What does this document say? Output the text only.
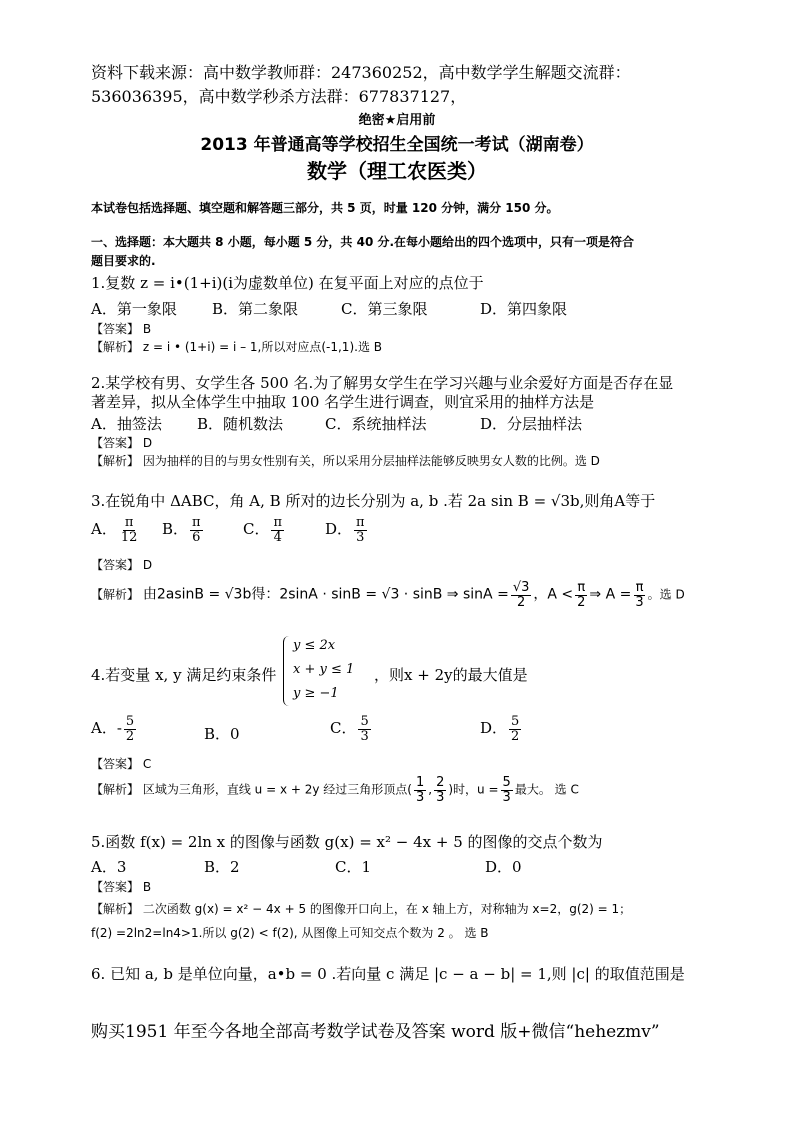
资料下载来源：高中数学教师群：247360252，高中数学学生解题交流群：
536036395，高中数学秒杀方法群：677837127，
绝密★启用前
2013 年普通高等学校招生全国统一考试（湖南卷）
数学（理工农医类）
本试卷包括选择题、填空题和解答题三部分，共 5 页，时量 120 分钟，满分 150 分。
一、选择题：本大题共 8 小题，每小题 5 分，共 40 分.在每小题给出的四个选项中，只有一项是符合
题目要求的.
1.复数 z = i•(1+i)(i为虚数单位) 在复平面上对应的点位于
A．第一象限 B．第二象限	C．第三象限	D．第四象限
【答案】 B
【解析】 z = i • (1+i) = i – 1,所以对应点(-1,1).选 B
2.某学校有男、女学生各 500 名.为了解男女学生在学习兴趣与业余爱好方面是否存在显
著差异，拟从全体学生中抽取 100 名学生进行调查，则宜采用的抽样方法是
A．抽签法 B．随机数法	C．系统抽样法	D．分层抽样法
【答案】 D
【解析】 因为抽样的目的与男女性别有关，所以采用分层抽样法能够反映男女人数的比例。选 D
3.在锐角中 ΔABC，角 A, B 所对的边长分别为 a, b .若 2a sin B = √3b,则角A等于
A． $\frac{\pi}{12}$ B． $\frac{\pi}{6}$	C． $\frac{\pi}{4}$	D． $\frac{\pi}{3}$
【答案】 D
【解析】 由2asinB = √3b得：2sinA · sinB = √3 · sinB ⇒ $\sin A = \frac{√3}{2}$ ，$A < \frac{\pi}{2}$ ⇒ $A = \frac{\pi}{3}$ 。选 D
4.若变量 x, y 满足约束条件
y ≤ 2x
x + y ≤ 1
y ≥ −1
，则x + 2y的最大值是
A．- $\frac{5}{2}$	B．0	C． $\frac{5}{3}$	D． $\frac{5}{2}$
【答案】 C
【解析】 区域为三角形，直线 u = x + 2y 经过三角形顶点( $\frac{1}{3}$ , $\frac{2}{3}$ )时，$u = \frac{5}{3}$ 最大。 选 C
5.函数 f(x) = 2ln x 的图像与函数 g(x) = x² − 4x + 5 的图像的交点个数为
A．3	B．2	C．1	D．0
【答案】 B
【解析】 二次函数 g(x) = x² − 4x + 5 的图像开口向上，在 x 轴上方，对称轴为 x=2，g(2) = 1；
f(2) =2ln2=ln4>1.所以 g(2) < f(2), 从图像上可知交点个数为 2 。 选 B
6. 已知 a, b 是单位向量，a•b = 0 .若向量 c 满足 |c − a − b| = 1,则 |c| 的取值范围是
购买1951 年至今各地全部高考数学试卷及答案 word 版+微信“hehezmv”
